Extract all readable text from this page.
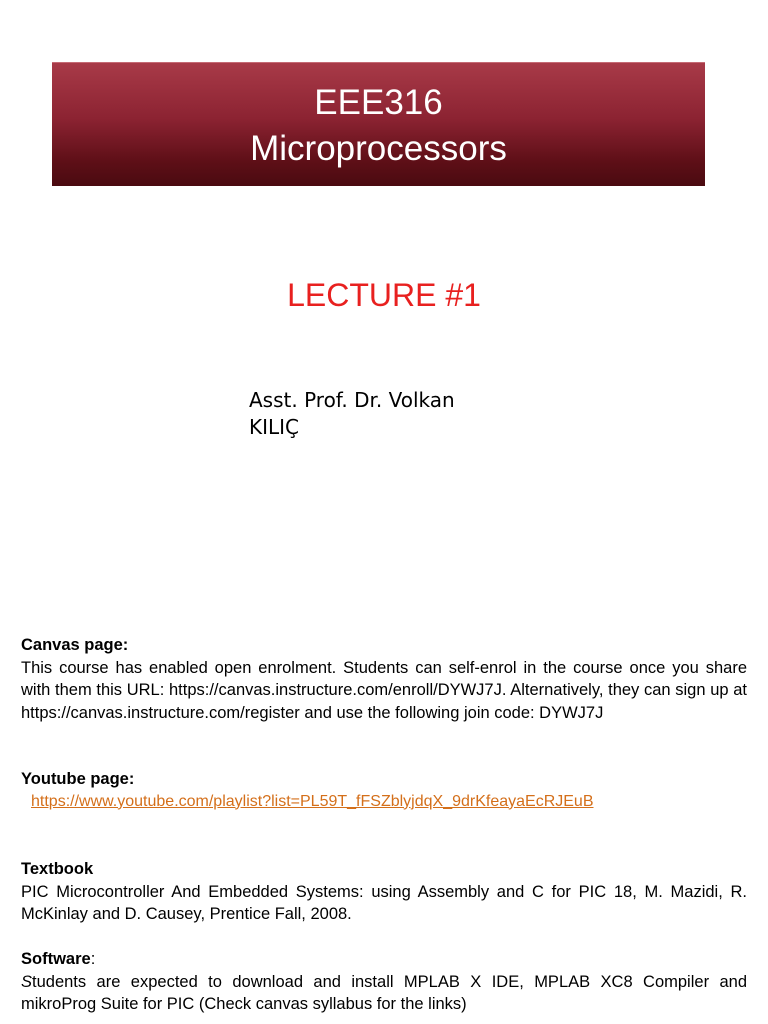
EEE316
Microprocessors
LECTURE #1
Asst. Prof. Dr. Volkan
KILIÇ
Canvas page:
This course has enabled open enrolment. Students can self-enrol in the course once you share with them this URL: https://canvas.instructure.com/enroll/DYWJ7J. Alternatively, they can sign up at https://canvas.instructure.com/register and use the following join code: DYWJ7J
Youtube page:
https://www.youtube.com/playlist?list=PL59T_fFSZblyjdqX_9drKfeayaEcRJEuB
Textbook
PIC Microcontroller And Embedded Systems: using Assembly and C for PIC 18, M. Mazidi, R. McKinlay and D. Causey, Prentice Fall, 2008.
Software:
Students are expected to download and install MPLAB X IDE, MPLAB XC8 Compiler and mikroProg Suite for PIC (Check canvas syllabus for the links)
